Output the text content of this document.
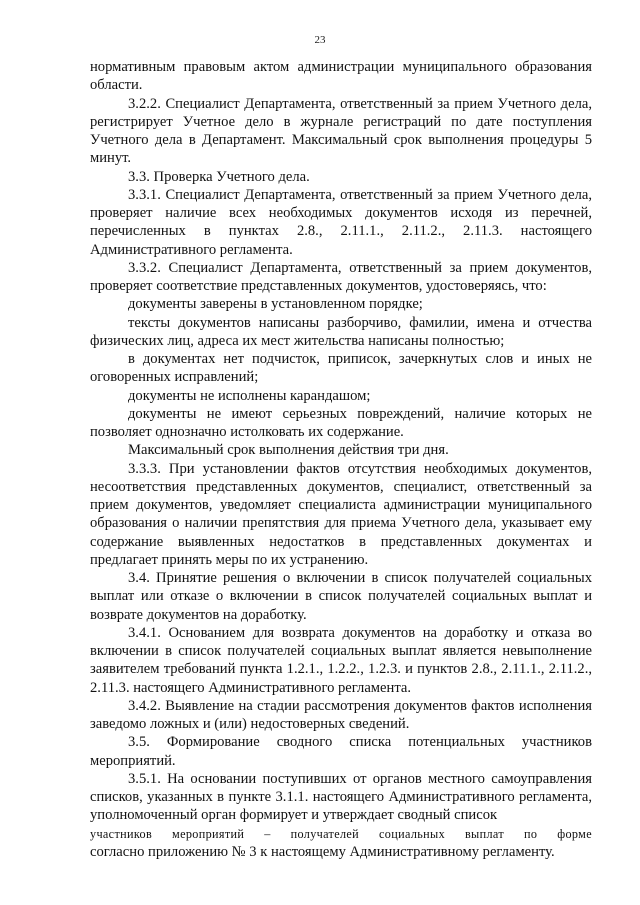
23

нормативным правовым актом администрации муниципального образования области.

3.2.2. Специалист Департамента, ответственный за прием Учетного дела, регистрирует Учетное дело в журнале регистраций по дате поступления Учетного дела в Департамент. Максимальный срок выполнения процедуры 5 минут.

3.3. Проверка Учетного дела.

3.3.1. Специалист Департамента, ответственный за прием Учетного дела, проверяет наличие всех необходимых документов исходя из перечней, перечисленных в пунктах 2.8., 2.11.1., 2.11.2., 2.11.3. настоящего Административного регламента.

3.3.2. Специалист Департамента, ответственный за прием документов, проверяет соответствие представленных документов, удостоверяясь, что:

документы заверены в установленном порядке;

тексты документов написаны разборчиво, фамилии, имена и отчества физических лиц, адреса их мест жительства написаны полностью;

в документах нет подчисток, приписок, зачеркнутых слов и иных не оговоренных исправлений;

документы не исполнены карандашом;

документы не имеют серьезных повреждений, наличие которых не позволяет однозначно истолковать их содержание.

Максимальный срок выполнения действия три дня.

3.3.3. При установлении фактов отсутствия необходимых документов, несоответствия представленных документов, специалист, ответственный за прием документов, уведомляет специалиста администрации муниципального образования о наличии препятствия для приема Учетного дела, указывает ему содержание выявленных недостатков в представленных документах и предлагает принять меры по их устранению.

3.4. Принятие решения о включении в список получателей социальных выплат или отказе о включении в список получателей социальных выплат и возврате документов на доработку.

3.4.1. Основанием для возврата документов на доработку и отказа во включении в список получателей социальных выплат является невыполнение заявителем требований пункта 1.2.1., 1.2.2., 1.2.3. и пунктов 2.8., 2.11.1., 2.11.2., 2.11.3. настоящего Административного регламента.

3.4.2. Выявление на стадии рассмотрения документов фактов исполнения заведомо ложных и (или) недостоверных сведений.

3.5. Формирование сводного списка потенциальных участников мероприятий.

3.5.1. На основании поступивших от органов местного самоуправления списков, указанных в пункте 3.1.1. настоящего Административного регламента, уполномоченный орган формирует и утверждает сводный список

участников мероприятий – получателей социальных выплат по форме
согласно приложению № 3 к настоящему Административному регламенту.
